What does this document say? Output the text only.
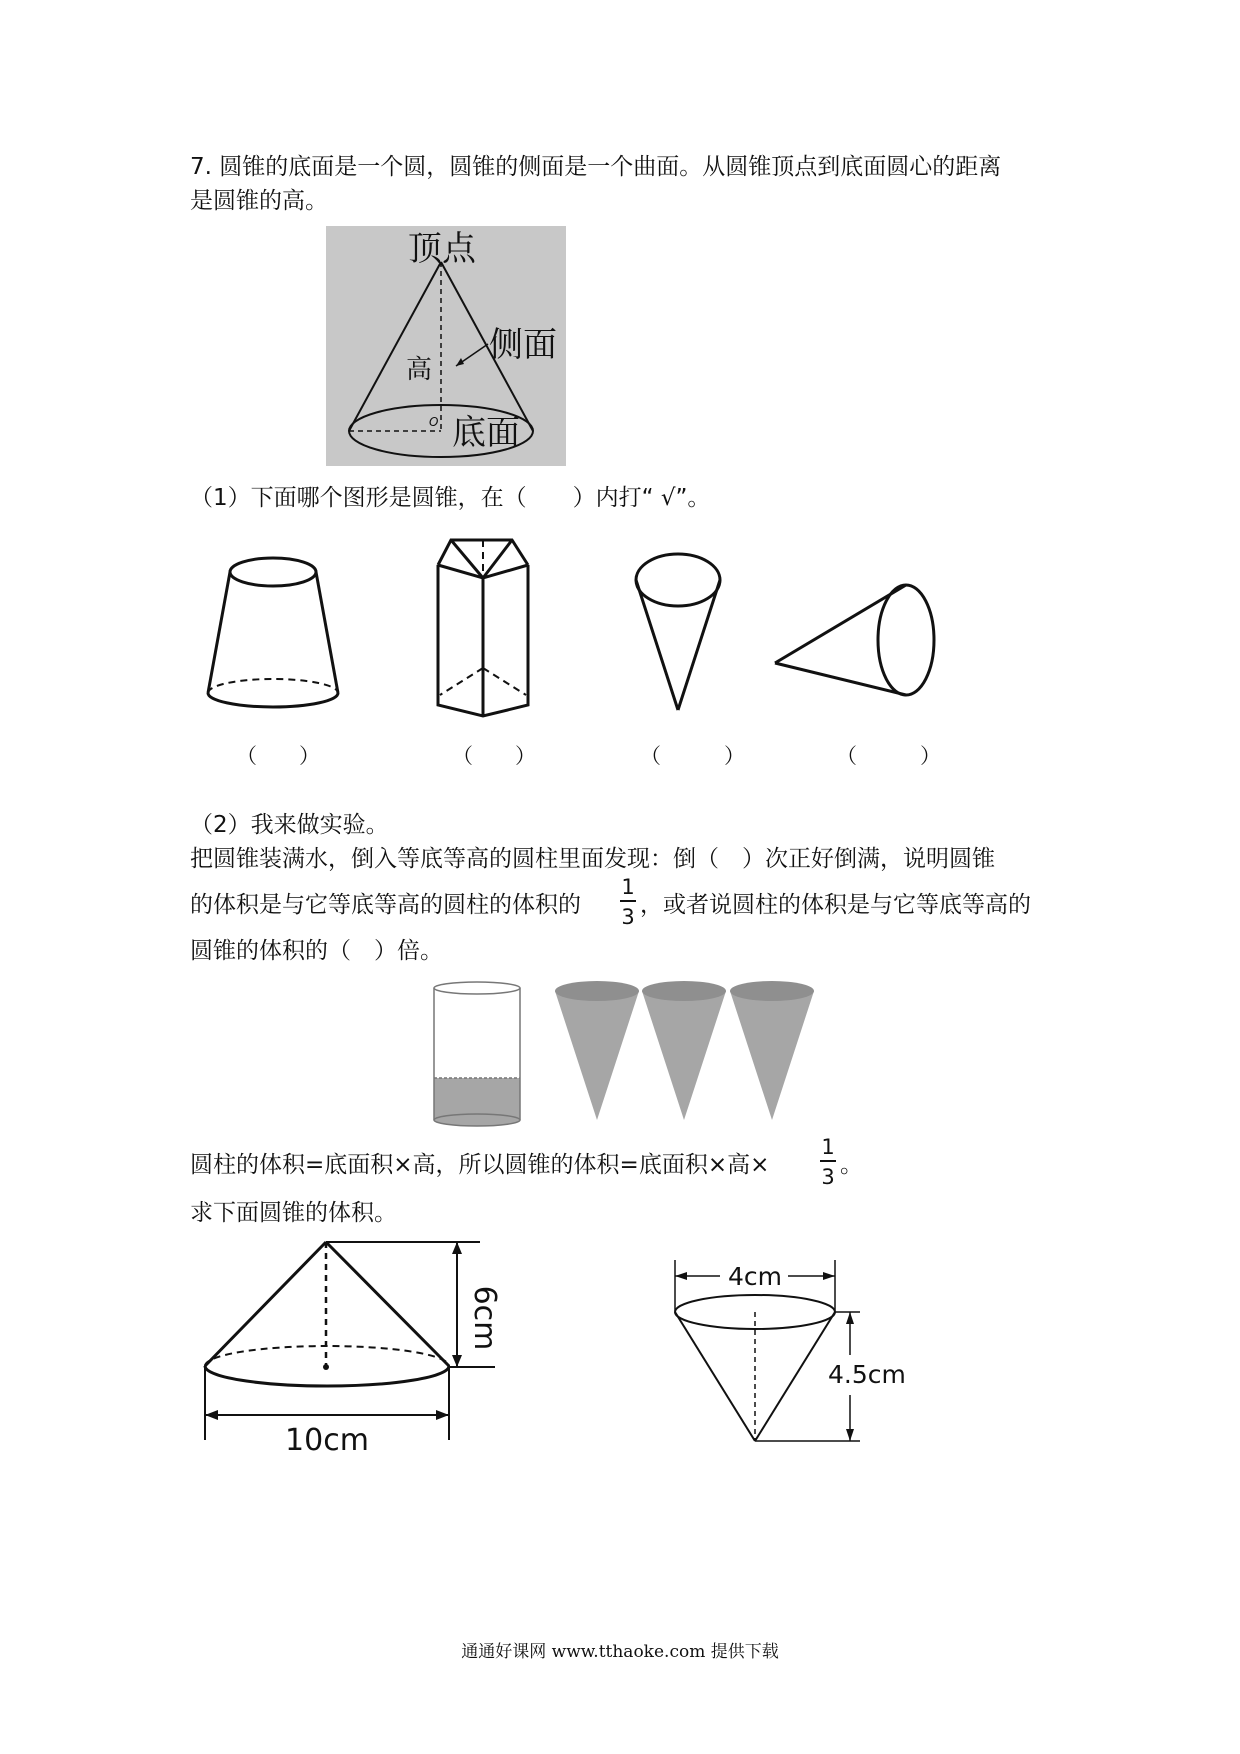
7. 圆锥的底面是一个圆，圆锥的侧面是一个曲面。从圆锥顶点到底面圆心的距离
是圆锥的高。
顶点
侧面
高
底面
O
（1）下面哪个图形是圆锥，在（　　）内打“ √”。
（　　）	（　　）	（　　　）	（　　　）
（2）我来做实验。
把圆锥装满水，倒入等底等高的圆柱里面发现：倒（　）次正好倒满，说明圆锥
的体积是与它等底等高的圆柱的体积的
1
3 ，或者说圆柱的体积是与它等底等高的
圆锥的体积的（　）倍。
圆柱的体积=底面积×高，所以圆锥的体积=底面积×高×
1
3 。
求下面圆锥的体积。
6cm
10cm
4cm
4.5cm
通通好课网 www.tthaoke.com 提供下载
